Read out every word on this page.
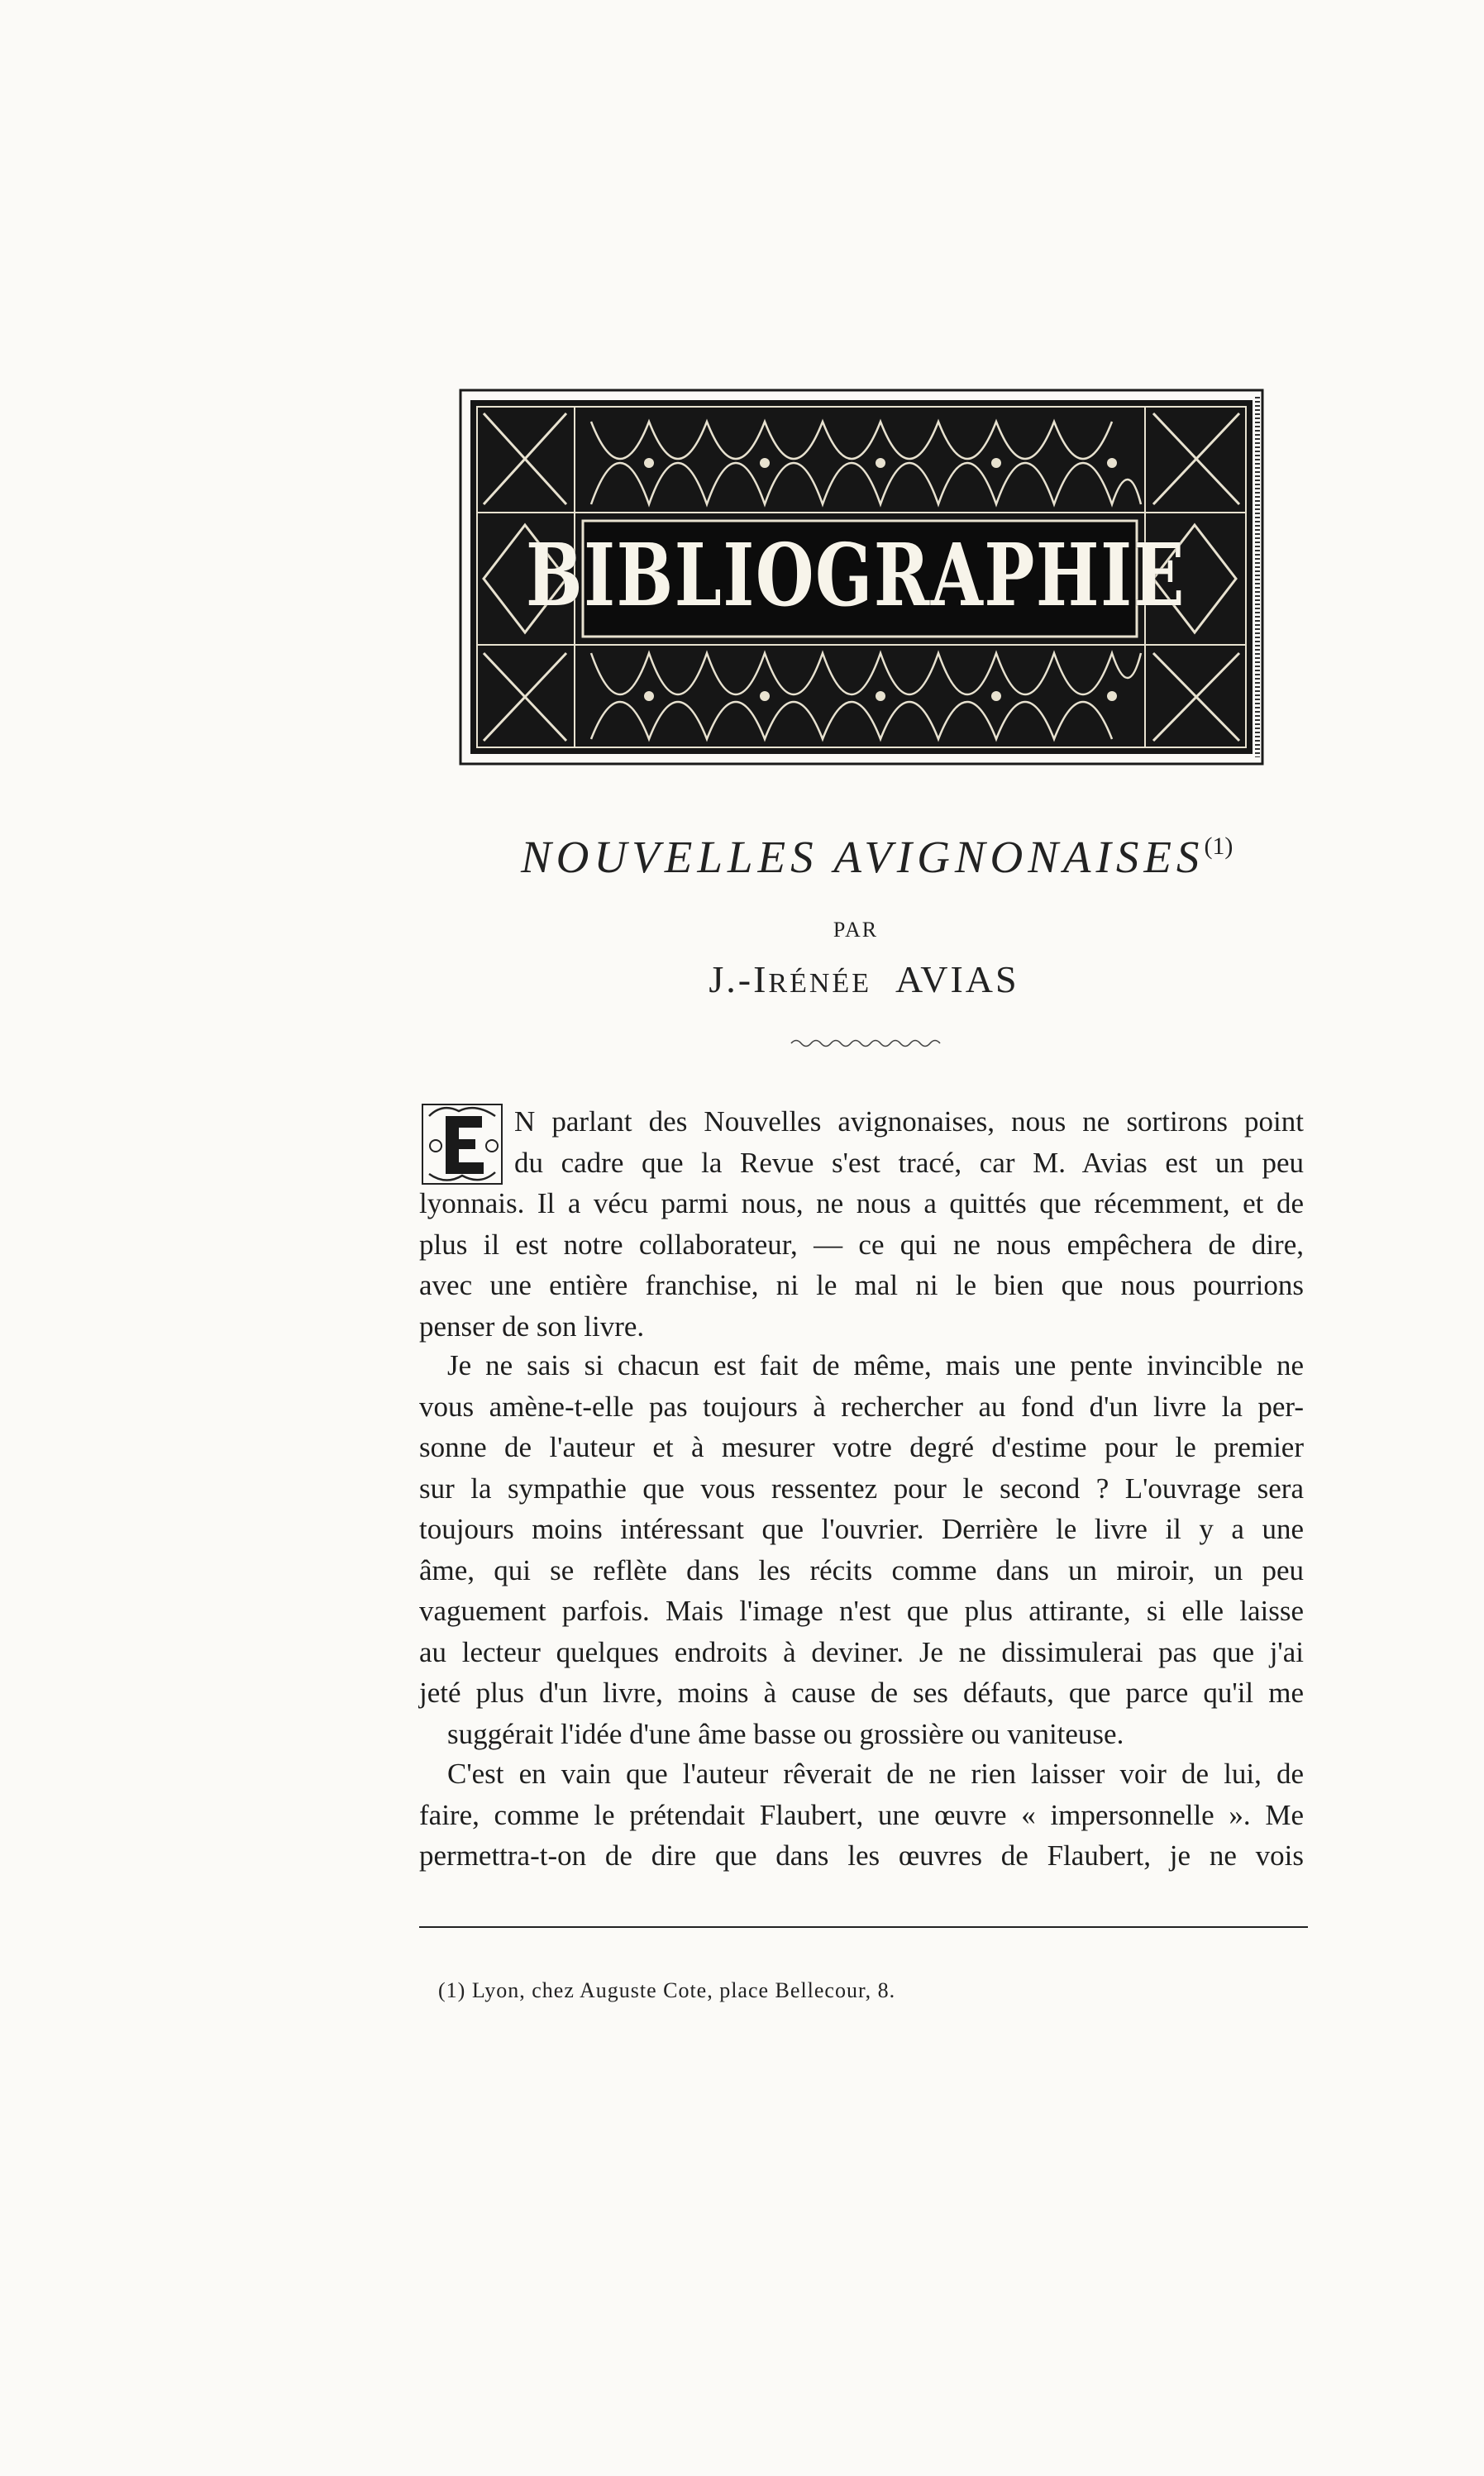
BIBLIOGRAPHIE
NOUVELLES AVIGNONAISES$^{(1)}$
PAR
J.-IRÉNÉE AVIAS
N parlant des Nouvelles avignonaises, nous ne sortirons point
du cadre que la Revue s'est tracé, car M. Avias est un peu
lyonnais. Il a vécu parmi nous, ne nous a quittés que récemment, et de
plus il est notre collaborateur, — ce qui ne nous empêchera de dire,
avec une entière franchise, ni le mal ni le bien que nous pourrions
penser de son livre.
Je ne sais si chacun est fait de même, mais une pente invincible ne
vous amène-t-elle pas toujours à rechercher au fond d'un livre la per-
sonne de l'auteur et à mesurer votre degré d'estime pour le premier
sur la sympathie que vous ressentez pour le second ? L'ouvrage sera
toujours moins intéressant que l'ouvrier. Derrière le livre il y a une
âme, qui se reflète dans les récits comme dans un miroir, un peu
vaguement parfois. Mais l'image n'est que plus attirante, si elle laisse
au lecteur quelques endroits à deviner. Je ne dissimulerai pas que j'ai
jeté plus d'un livre, moins à cause de ses défauts, que parce qu'il me
suggérait l'idée d'une âme basse ou grossière ou vaniteuse.
C'est en vain que l'auteur rêverait de ne rien laisser voir de lui, de
faire, comme le prétendait Flaubert, une œuvre « impersonnelle ». Me
permettra-t-on de dire que dans les œuvres de Flaubert, je ne vois
(1) Lyon, chez Auguste Cote, place Bellecour, 8.
